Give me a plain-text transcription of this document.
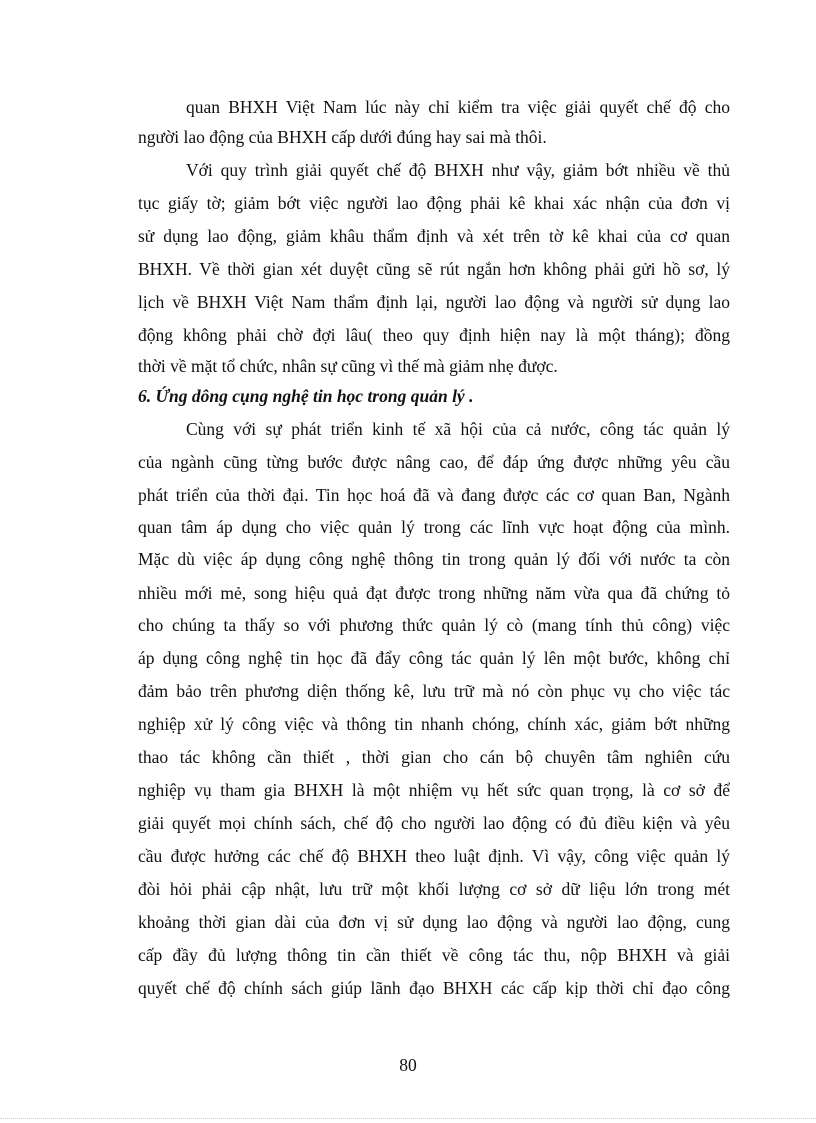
quan BHXH Việt Nam lúc này chỉ kiểm tra việc giải quyết chế độ cho
người lao động của BHXH cấp dưới đúng hay sai mà thôi.
Với quy trình giải quyết chế độ BHXH như vậy, giảm bớt nhiều về thủ
tục giấy tờ; giảm bớt việc người lao động phải kê khai xác nhận của đơn vị
sử dụng lao động, giảm khâu thẩm định và xét trên tờ kê khai của cơ quan
BHXH. Về thời gian xét duyệt cũng sẽ rút ngắn hơn không phải gửi hồ sơ, lý
lịch về BHXH Việt Nam thẩm định lại, người lao động và người sử dụng lao
động không phải chờ đợi lâu( theo quy định hiện nay là một tháng); đồng
thời về mặt tổ chức, nhân sự cũng vì thế mà giảm nhẹ được.
6. Ứng dông cụng nghệ tin học trong quản lý .
Cùng với sự phát triển kinh tế xã hội của cả nước, công tác quản lý
của ngành cũng từng bước được nâng cao, để đáp ứng được những yêu cầu
phát triển của thời đại. Tin học hoá đã và đang được các cơ quan Ban, Ngành
quan tâm áp dụng cho việc quản lý trong các lĩnh vực hoạt động của mình.
Mặc dù việc áp dụng công nghệ thông tin trong quản lý đối với nước ta còn
nhiều mới mẻ, song hiệu quả đạt được trong những năm vừa qua đã chứng tỏ
cho chúng ta thấy so với phương thức quản lý cò (mang tính thủ công) việc
áp dụng công nghệ tin học đã đẩy công tác quản lý lên một bước, không chỉ
đảm bảo trên phương diện thống kê, lưu trữ mà nó còn phục vụ cho việc tác
nghiệp xử lý công việc và thông tin nhanh chóng, chính xác, giảm bớt những
thao tác không cần thiết , thời gian cho cán bộ chuyên tâm nghiên cứu
nghiệp vụ tham gia BHXH là một nhiệm vụ hết sức quan trọng, là cơ sở để
giải quyết mọi chính sách, chế độ cho người lao động có đủ điều kiện và yêu
cầu được hưởng các chế độ BHXH theo luật định. Vì vậy, công việc quản lý
đòi hỏi phải cập nhật, lưu trữ một khối lượng cơ sở dữ liệu lớn trong mét
khoảng thời gian dài của đơn vị sử dụng lao động và người lao động, cung
cấp đầy đủ lượng thông tin cần thiết về công tác thu, nộp BHXH và giải
quyết chế độ chính sách giúp lãnh đạo BHXH các cấp kịp thời chỉ đạo công
80
